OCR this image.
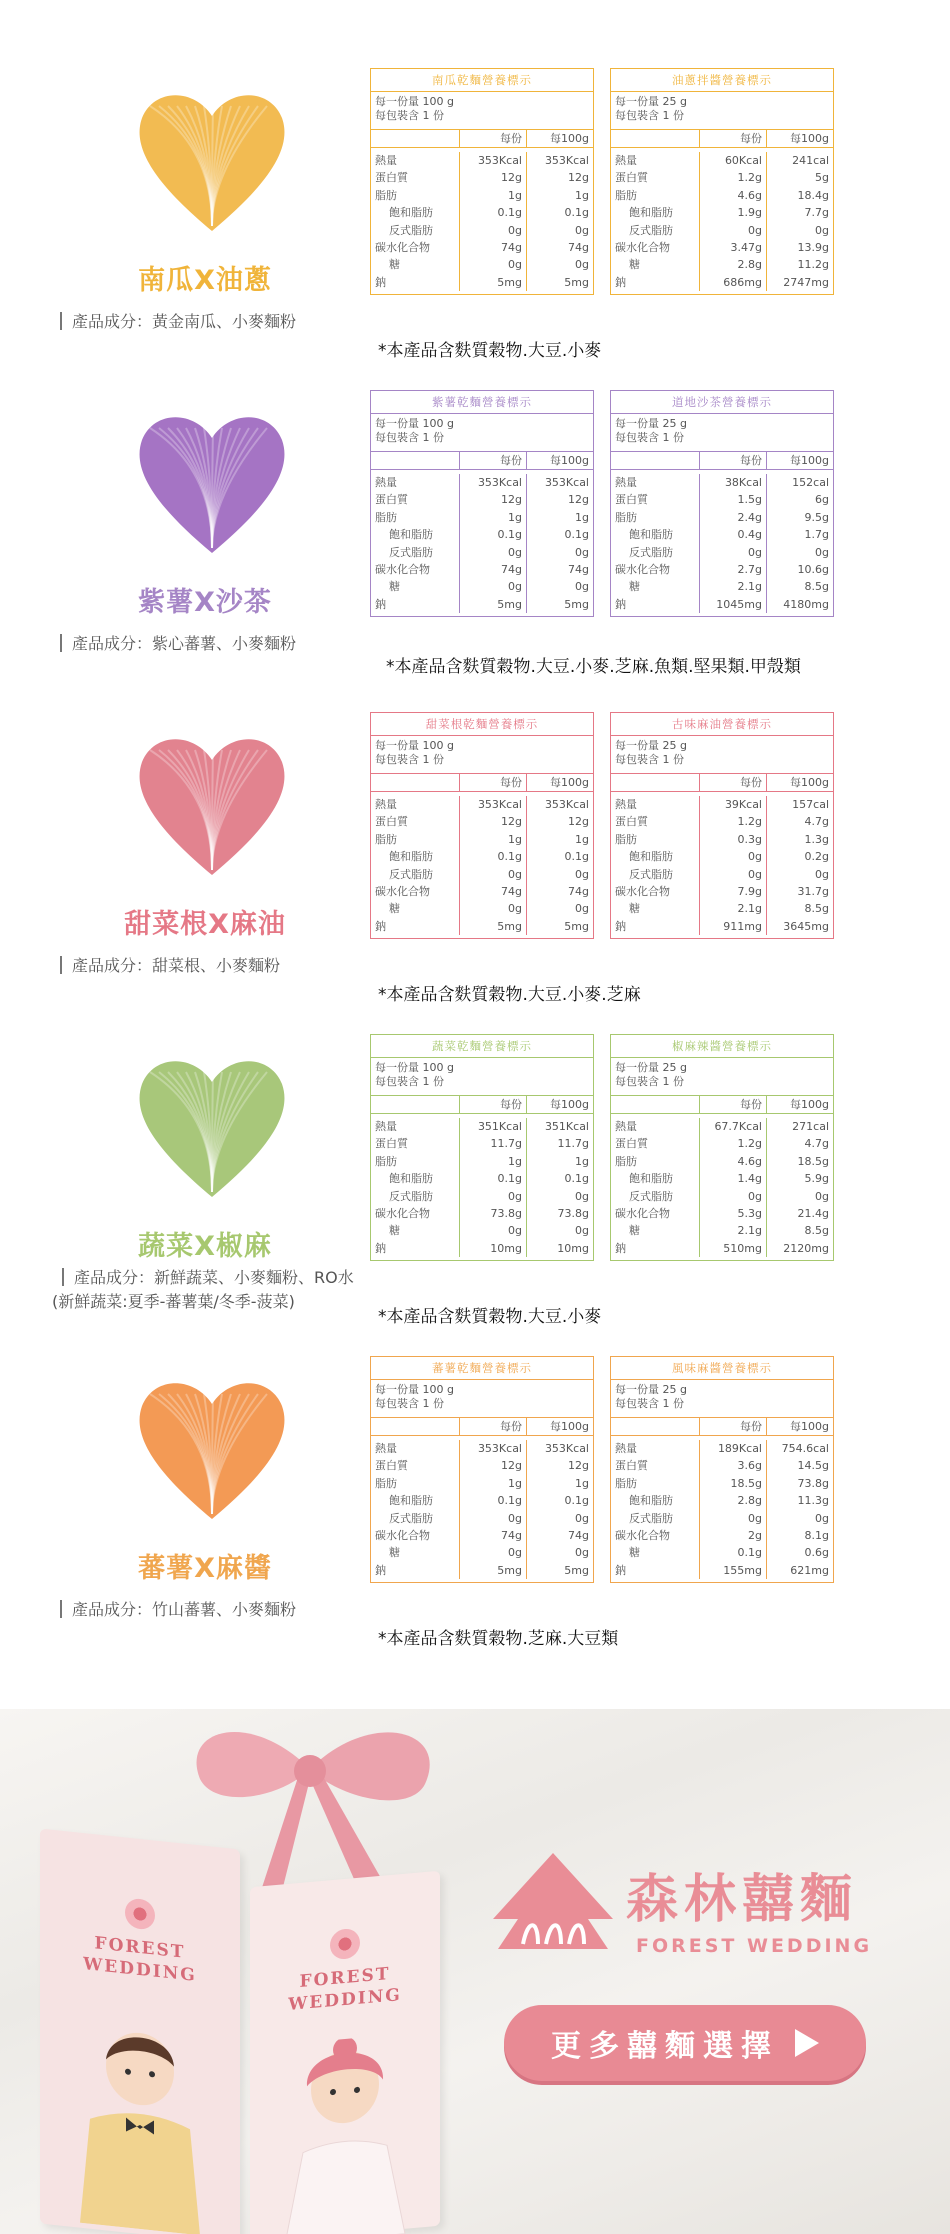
南瓜X油蔥
產品成分：黃金南瓜、小麥麵粉
南瓜乾麵營養標示
每一份量 100 g
每包裝含 1 份
每份	每100g
熱量	353Kcal	353Kcal
蛋白質	12g	12g
脂肪	1g	1g
飽和脂肪	0.1g	0.1g
反式脂肪	0g	0g
碳水化合物	74g	74g
糖	0g	0g
鈉	5mg	5mg
油蔥拌醬營養標示
每一份量 25 g
每包裝含 1 份
每份	每100g
熱量	60Kcal	241cal
蛋白質	1.2g	5g
脂肪	4.6g	18.4g
飽和脂肪	1.9g	7.7g
反式脂肪	0g	0g
碳水化合物	3.47g	13.9g
糖	2.8g	11.2g
鈉	686mg	2747mg
*本產品含麩質穀物.大豆.小麥
紫薯X沙茶
產品成分：紫心蕃薯、小麥麵粉
紫薯乾麵營養標示
每一份量 100 g
每包裝含 1 份
每份	每100g
熱量	353Kcal	353Kcal
蛋白質	12g	12g
脂肪	1g	1g
飽和脂肪	0.1g	0.1g
反式脂肪	0g	0g
碳水化合物	74g	74g
糖	0g	0g
鈉	5mg	5mg
道地沙茶營養標示
每一份量 25 g
每包裝含 1 份
每份	每100g
熱量	38Kcal	152cal
蛋白質	1.5g	6g
脂肪	2.4g	9.5g
飽和脂肪	0.4g	1.7g
反式脂肪	0g	0g
碳水化合物	2.7g	10.6g
糖	2.1g	8.5g
鈉	1045mg	4180mg
*本產品含麩質穀物.大豆.小麥.芝麻.魚類.堅果類.甲殼類
甜菜根X麻油
產品成分：甜菜根、小麥麵粉
甜菜根乾麵營養標示
每一份量 100 g
每包裝含 1 份
每份	每100g
熱量	353Kcal	353Kcal
蛋白質	12g	12g
脂肪	1g	1g
飽和脂肪	0.1g	0.1g
反式脂肪	0g	0g
碳水化合物	74g	74g
糖	0g	0g
鈉	5mg	5mg
古味麻油營養標示
每一份量 25 g
每包裝含 1 份
每份	每100g
熱量	39Kcal	157cal
蛋白質	1.2g	4.7g
脂肪	0.3g	1.3g
飽和脂肪	0g	0.2g
反式脂肪	0g	0g
碳水化合物	7.9g	31.7g
糖	2.1g	8.5g
鈉	911mg	3645mg
*本產品含麩質穀物.大豆.小麥.芝麻
蔬菜X椒麻
產品成分：新鮮蔬菜、小麥麵粉、RO水
(新鮮蔬菜:夏季-蕃薯葉/冬季-菠菜)
蔬菜乾麵營養標示
每一份量 100 g
每包裝含 1 份
每份	每100g
熱量	351Kcal	351Kcal
蛋白質	11.7g	11.7g
脂肪	1g	1g
飽和脂肪	0.1g	0.1g
反式脂肪	0g	0g
碳水化合物	73.8g	73.8g
糖	0g	0g
鈉	10mg	10mg
椒麻辣醬營養標示
每一份量 25 g
每包裝含 1 份
每份	每100g
熱量	67.7Kcal	271cal
蛋白質	1.2g	4.7g
脂肪	4.6g	18.5g
飽和脂肪	1.4g	5.9g
反式脂肪	0g	0g
碳水化合物	5.3g	21.4g
糖	2.1g	8.5g
鈉	510mg	2120mg
*本產品含麩質穀物.大豆.小麥
蕃薯X麻醬
產品成分：竹山蕃薯、小麥麵粉
蕃薯乾麵營養標示
每一份量 100 g
每包裝含 1 份
每份	每100g
熱量	353Kcal	353Kcal
蛋白質	12g	12g
脂肪	1g	1g
飽和脂肪	0.1g	0.1g
反式脂肪	0g	0g
碳水化合物	74g	74g
糖	0g	0g
鈉	5mg	5mg
風味麻醬營養標示
每一份量 25 g
每包裝含 1 份
每份	每100g
熱量	189Kcal	754.6cal
蛋白質	3.6g	14.5g
脂肪	18.5g	73.8g
飽和脂肪	2.8g	11.3g
反式脂肪	0g	0g
碳水化合物	2g	8.1g
糖	0.1g	0.6g
鈉	155mg	621mg
*本產品含麩質穀物.芝麻.大豆類
FOREST
WEDDING	FOREST
WEDDING
森林囍麵
FOREST WEDDING
更多囍麵選擇
